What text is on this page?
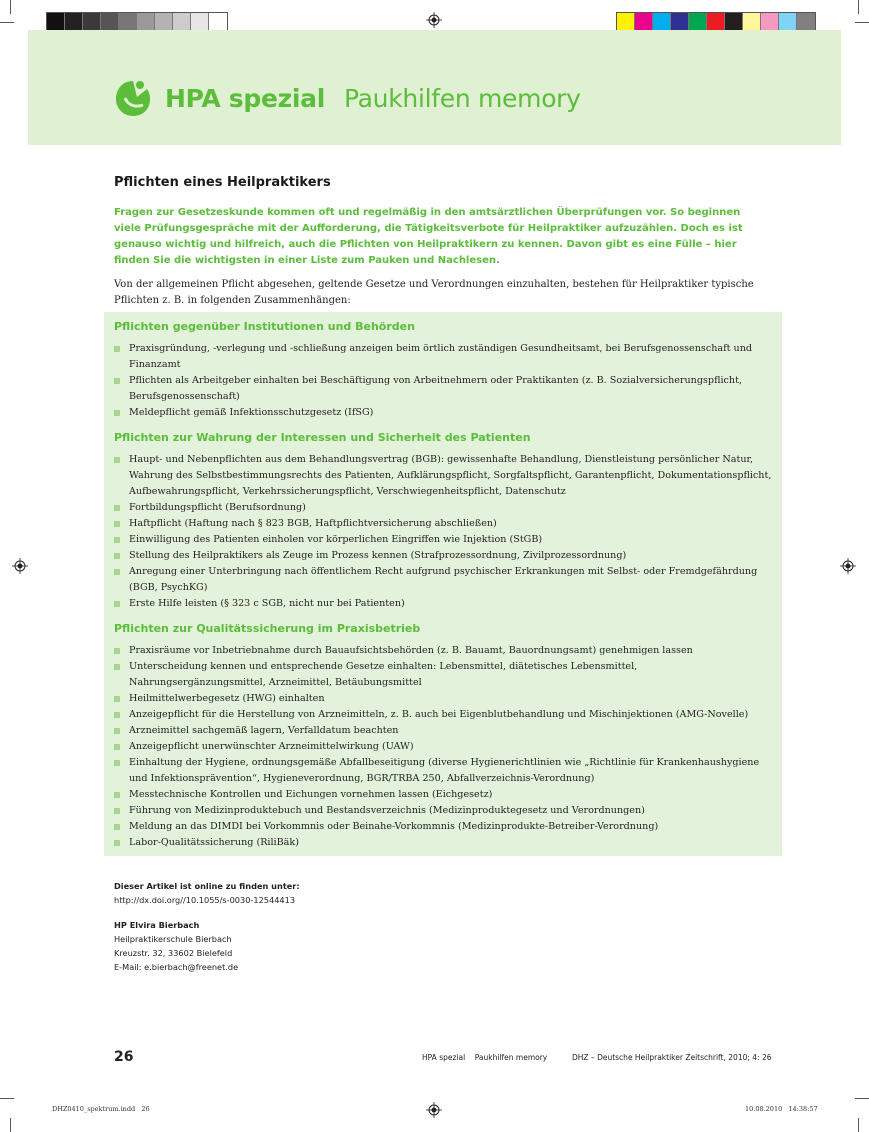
HPA spezial Paukhilfen memory
Pflichten eines Heilpraktikers

Fragen zur Gesetzeskunde kommen oft und regelmäßig in den amtsärztlichen Überprüfungen vor. So beginnen viele Prüfungsgespräche mit der Aufforderung, die Tätigkeitsverbote für Heilpraktiker aufzuzählen. Doch es ist genauso wichtig und hilfreich, auch die Pflichten von Heilpraktikern zu kennen. Davon gibt es eine Fülle – hier finden Sie die wichtigsten in einer Liste zum Pauken und Nachlesen.

Von der allgemeinen Pflicht abgesehen, geltende Gesetze und Verordnungen einzuhalten, bestehen für Heilpraktiker typische Pflichten z. B. in folgenden Zusammenhängen:

Pflichten gegenüber Institutionen und Behörden
Praxisgründung, -verlegung und -schließung anzeigen beim örtlich zuständigen Gesundheitsamt, bei Berufsgenossenschaft und Finanzamt
Pflichten als Arbeitgeber einhalten bei Beschäftigung von Arbeitnehmern oder Praktikanten (z. B. Sozialversicherungspflicht, Berufsgenossenschaft)
Meldepflicht gemäß Infektionsschutzgesetz (IfSG)
Pflichten zur Wahrung der Interessen und Sicherheit des Patienten
Haupt- und Nebenpflichten aus dem Behandlungsvertrag (BGB): gewissenhafte Behandlung, Dienstleistung persönlicher Natur, Wahrung des Selbstbestimmungsrechts des Patienten, Aufklärungspflicht, Sorgfaltspflicht, Garantenpflicht, Dokumentationspflicht, Aufbewahrungspflicht, Verkehrssicherungspflicht, Verschwiegenheitspflicht, Datenschutz
Fortbildungspflicht (Berufsordnung)
Haftpflicht (Haftung nach § 823 BGB, Haftpflichtversicherung abschließen)
Einwilligung des Patienten einholen vor körperlichen Eingriffen wie Injektion (StGB)
Stellung des Heilpraktikers als Zeuge im Prozess kennen (Strafprozessordnung, Zivilprozessordnung)
Anregung einer Unterbringung nach öffentlichem Recht aufgrund psychischer Erkrankungen mit Selbst- oder Fremdgefährdung (BGB, PsychKG)
Erste Hilfe leisten (§ 323 c SGB, nicht nur bei Patienten)
Pflichten zur Qualitätssicherung im Praxisbetrieb
Praxisräume vor Inbetriebnahme durch Bauaufsichtsbehörden (z. B. Bauamt, Bauordnungsamt) genehmigen lassen
Unterscheidung kennen und entsprechende Gesetze einhalten: Lebensmittel, diätetisches Lebensmittel, Nahrungsergänzungsmittel, Arzneimittel, Betäubungsmittel
Heilmittelwerbegesetz (HWG) einhalten
Anzeigepflicht für die Herstellung von Arzneimitteln, z. B. auch bei Eigenblutbehandlung und Mischinjektionen (AMG-Novelle)
Arzneimittel sachgemäß lagern, Verfalldatum beachten
Anzeigepflicht unerwünschter Arzneimittelwirkung (UAW)
Einhaltung der Hygiene, ordnungsgemäße Abfallbeseitigung (diverse Hygienerichtlinien wie „Richtlinie für Krankenhaushygiene und Infektionsprävention“, Hygieneverordnung, BGR/TRBA 250, Abfallverzeichnis-Verordnung)
Messtechnische Kontrollen und Eichungen vornehmen lassen (Eichgesetz)
Führung von Medizinproduktebuch und Bestandsverzeichnis (Medizinproduktegesetz und Verordnungen)
Meldung an das DIMDI bei Vorkommnis oder Beinahe-Vorkommnis (Medizinprodukte-Betreiber-Verordnung)
Labor-Qualitätssicherung (RiliBäk)
Dieser Artikel ist online zu finden unter:
http://dx.doi.org//10.1055/s-0030-12544413
HP Elvira Bierbach
Heilpraktikerschule Bierbach
Kreuzstr. 32, 33602 Bielefeld
E-Mail: e.bierbach@freenet.de
26	HPA spezial    Paukhilfen memory	DHZ – Deutsche Heilpraktiker Zeitschrift, 2010; 4: 26
DHZ0410_spektrum.indd   26	10.08.2010   14:38:57
